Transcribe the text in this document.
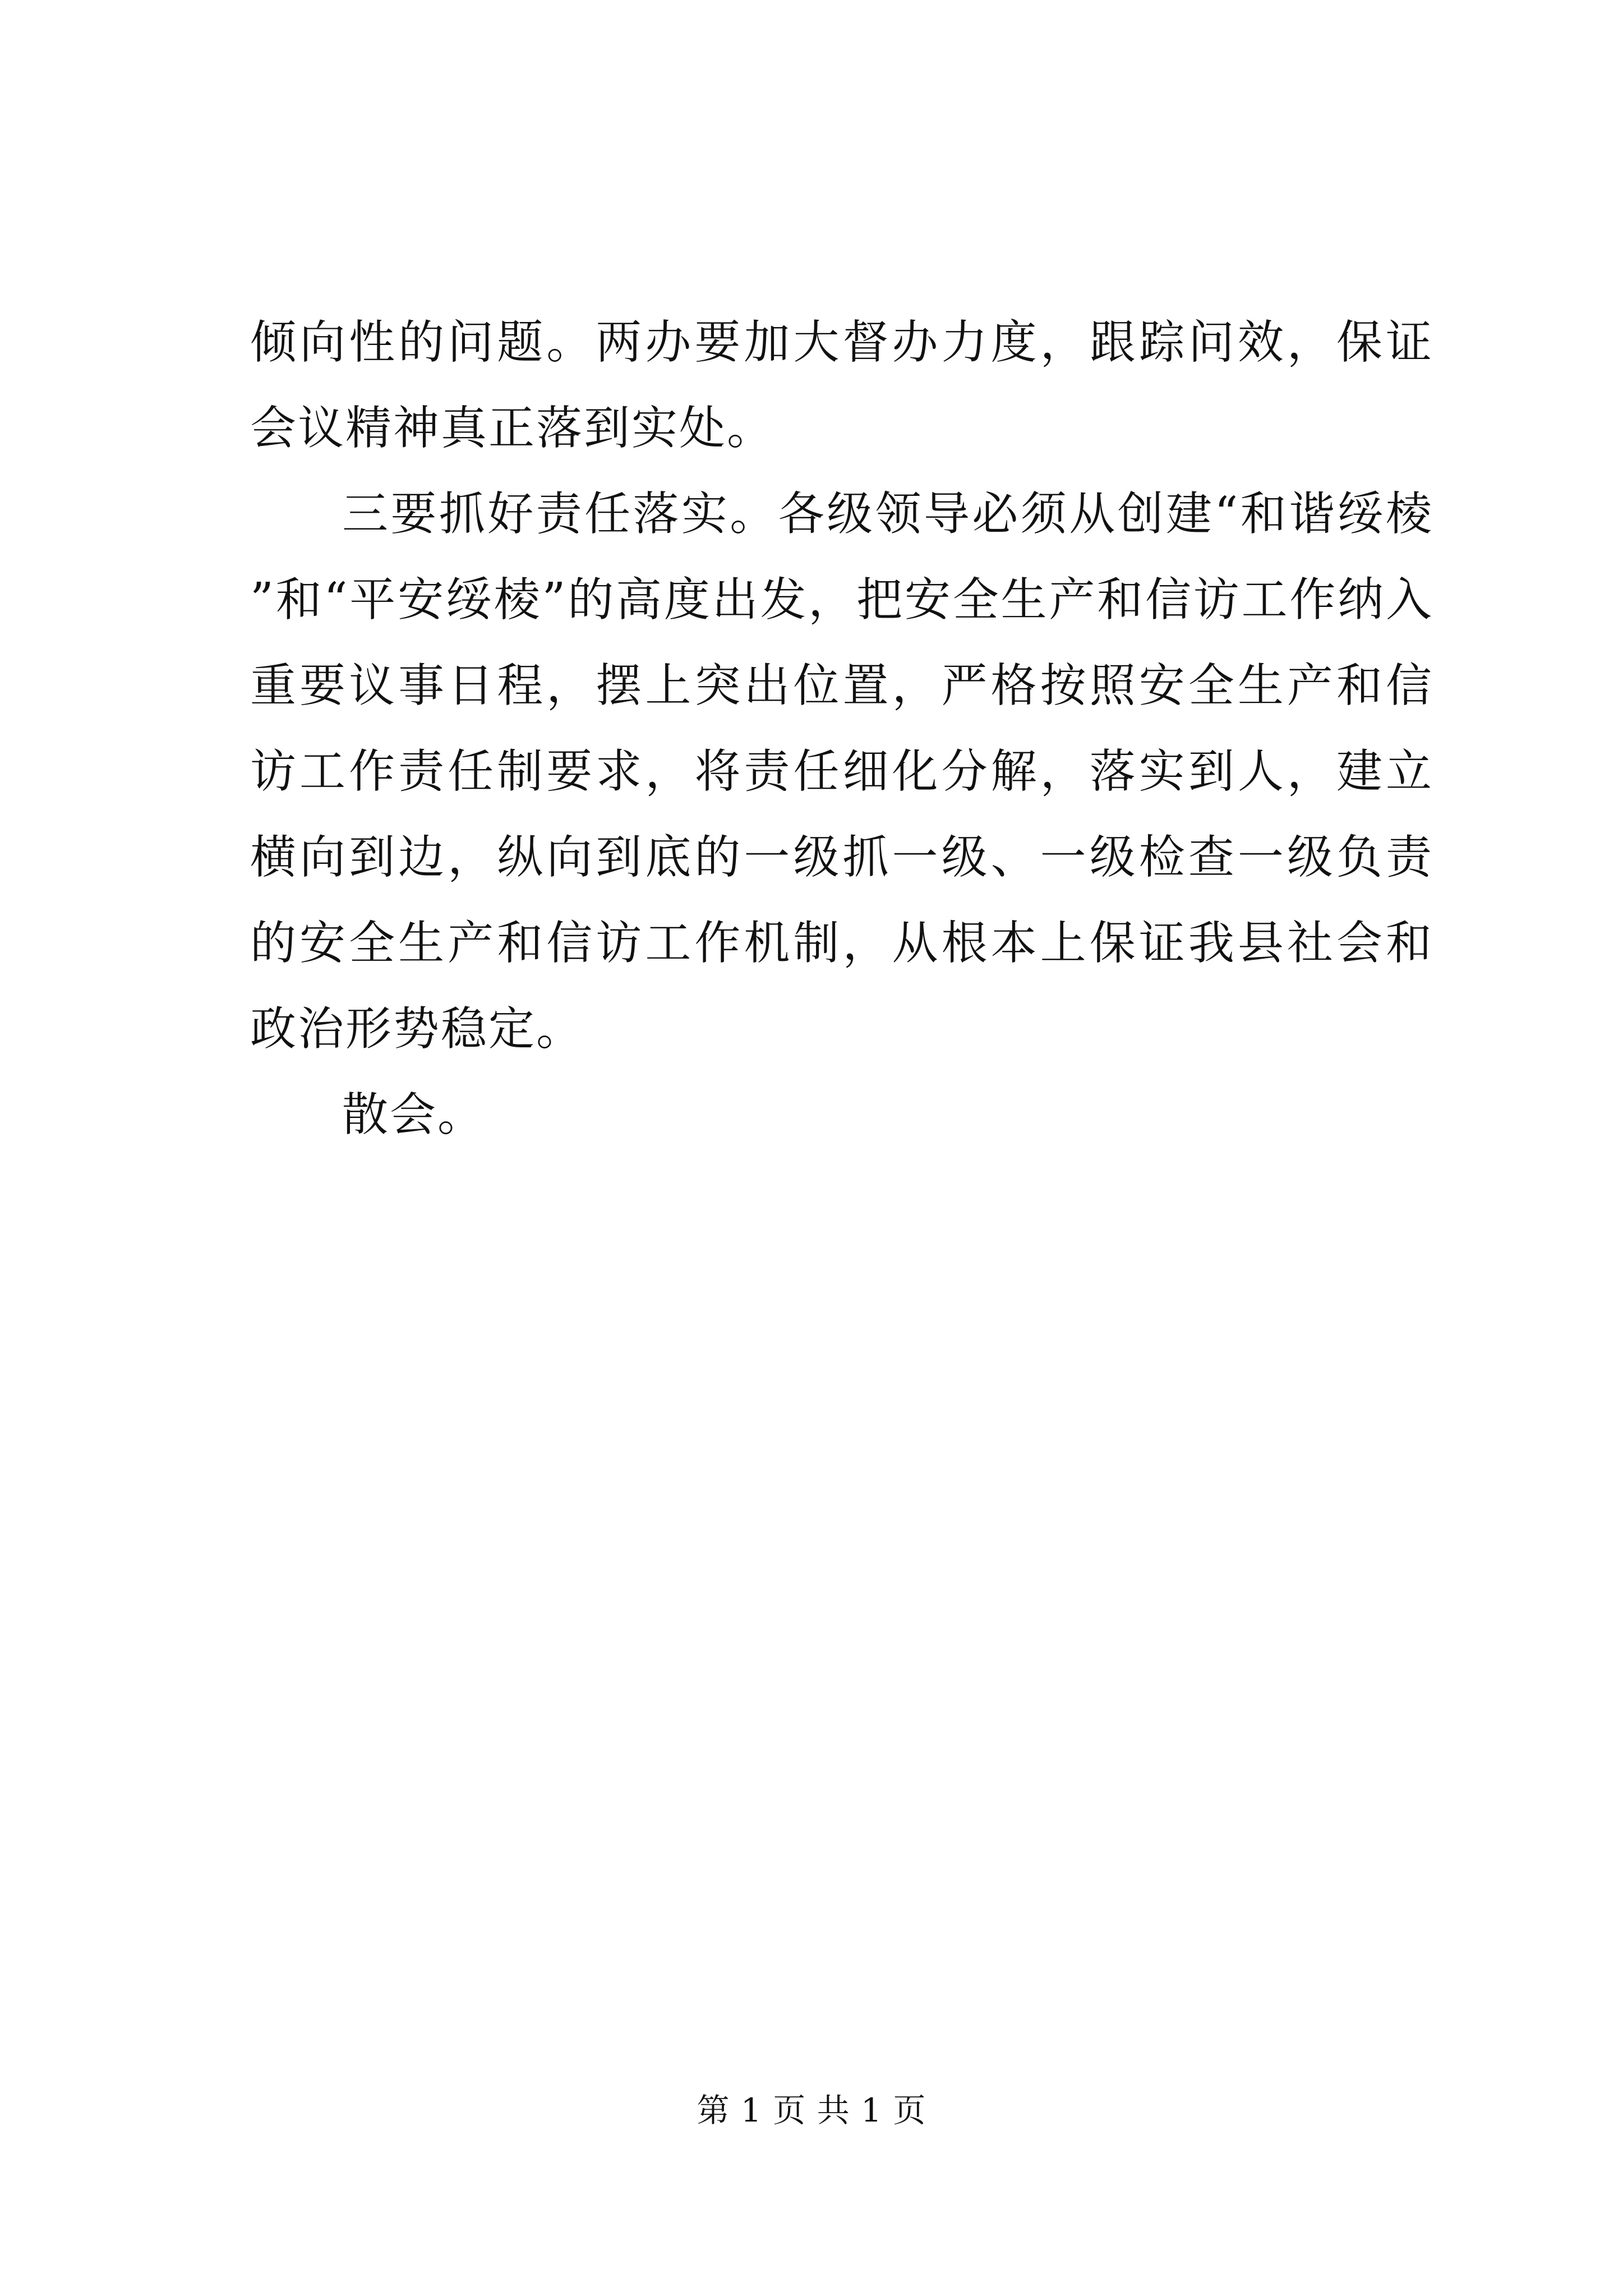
倾向性的问题。两办要加大督办力度，跟踪问效，保证会议精神真正落到实处。

三要抓好责任落实。各级领导必须从创建“和谐绥棱”和“平安绥棱”的高度出发，把安全生产和信访工作纳入重要议事日程，摆上突出位置，严格按照安全生产和信访工作责任制要求，将责任细化分解，落实到人，建立横向到边，纵向到底的一级抓一级、一级检查一级负责的安全生产和信访工作机制，从根本上保证我县社会和政治形势稳定。

散会。

第 1 页 共 1 页
